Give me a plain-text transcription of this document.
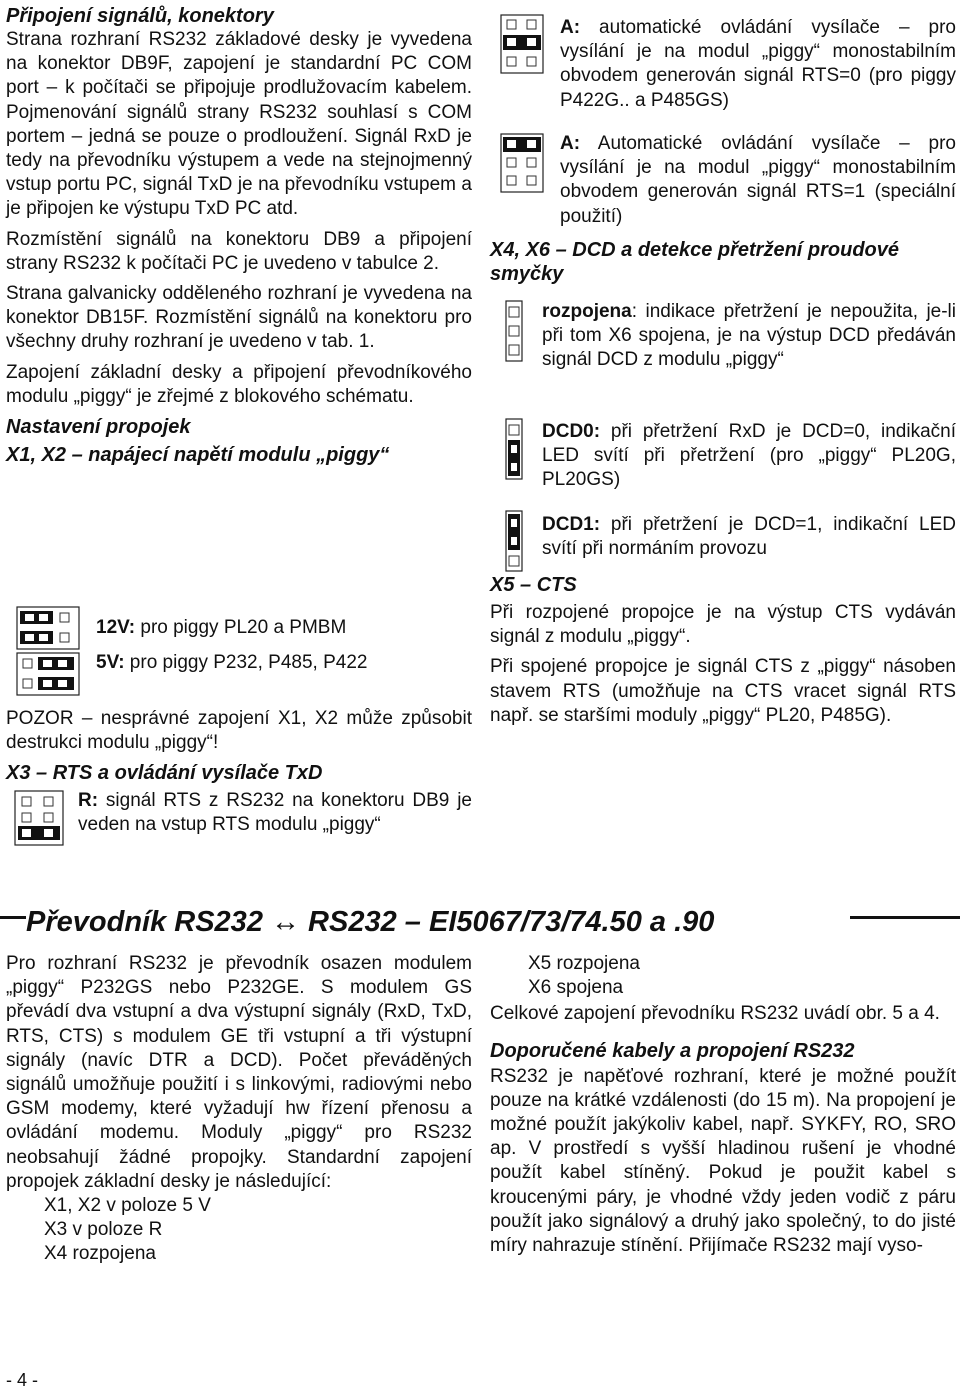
Připojení signálů, konektory

Strana rozhraní RS232 základové desky je vyvedena na konektor DB9F, zapojení je standardní PC COM port – k počítači se připojuje prodlužovacím kabelem. Pojmenování signálů strany RS232 souhlasí s COM portem – jedná se pouze o prodloužení. Signál RxD je tedy na převodníku výstupem a vede na stejnojmenný vstup portu PC, signál TxD je na převodníku vstupem a je připojen ke výstupu TxD PC atd.

Rozmístění signálů na konektoru DB9 a připojení strany RS232 k počítači PC je uvedeno v tabulce 2.

Strana galvanicky odděleného rozhraní je vyvedena na konektor DB15F. Rozmístění signálů na konektoru pro všechny druhy rozhraní je uvedeno v tab. 1.

Zapojení základní desky a připojení převodníkového modulu „piggy“ je zřejmé z blokového schématu.

Nastavení propojek
X1, X2 – napájecí napětí modulu „piggy“
12V: pro piggy PL20 a PMBM
5V: pro piggy P232, P485, P422

POZOR – nesprávné zapojení X1, X2 může způsobit destrukci modulu „piggy“!

X3 – RTS a ovládání vysílače TxD

R: signál RTS z RS232 na konektoru DB9 je veden na vstup RTS modulu „piggy“

A: automatické ovládání vysílače – pro vysílání je na modul „piggy“ monostabilním obvodem generován signál RTS=0 (pro piggy P422G.. a P485GS)

A: Automatické ovládání vysílače – pro vysílání je na modul „piggy“ monostabilním obvodem generován signál RTS=1 (speciální použití)

X4, X6 – DCD a detekce přetržení proudové smyčky

rozpojena: indikace přetržení je nepoužita, je-li při tom X6 spojena, je na výstup DCD předáván signál DCD z modulu „piggy“

DCD0: při přetržení RxD je DCD=0, indikační LED svítí při přetržení (pro „piggy“ PL20G, PL20GS)

DCD1: při přetržení je DCD=1, indikační LED svítí při normáním provozu

X5 – CTS

Při rozpojené propojce je na výstup CTS vydáván signál z modulu „piggy“.

Při spojené propojce je signál CTS z „piggy“ násoben stavem RTS (umožňuje na CTS vracet signál RTS např. se staršími moduly „piggy“ PL20, P485G).

Převodník RS232 ↔ RS232 – EI5067/73/74.50 a .90

Pro rozhraní RS232 je převodník osazen modulem „piggy“ P232GS nebo P232GE. S modulem GS převádí dva vstupní a dva výstupní signály (RxD, TxD, RTS, CTS) s modulem GE tři vstupní a tři výstupní signály (navíc DTR a DCD). Počet převáděných signálů umožňuje použití i s linkovými, radiovými nebo GSM modemy, které vyžadují hw řízení přenosu a ovládání modemu. Moduly „piggy“ pro RS232 neobsahují žádné propojky. Standardní zapojení propojek základní desky je následující:

X1, X2 v poloze 5 V

X3 v poloze R

X4 rozpojena

X5 rozpojena

X6 spojena

Celkové zapojení převodníku RS232 uvádí obr. 5 a 4.

Doporučené kabely a propojení RS232

RS232 je napěťové rozhraní, které je možné použít pouze na krátké vzdálenosti (do 15 m). Na propojení je možné použít jakýkoliv kabel, např. SYKFY, RO, SRO ap. V prostředí s vyšší hladinou rušení je vhodné použít kabel stíněný. Pokud je použit kabel s kroucenými páry, je vhodné vždy jeden vodič z páru použít jako signálový a druhý jako společný, to do jisté míry nahrazuje stínění. Přijímače RS232 mají vyso-

- 4 -
